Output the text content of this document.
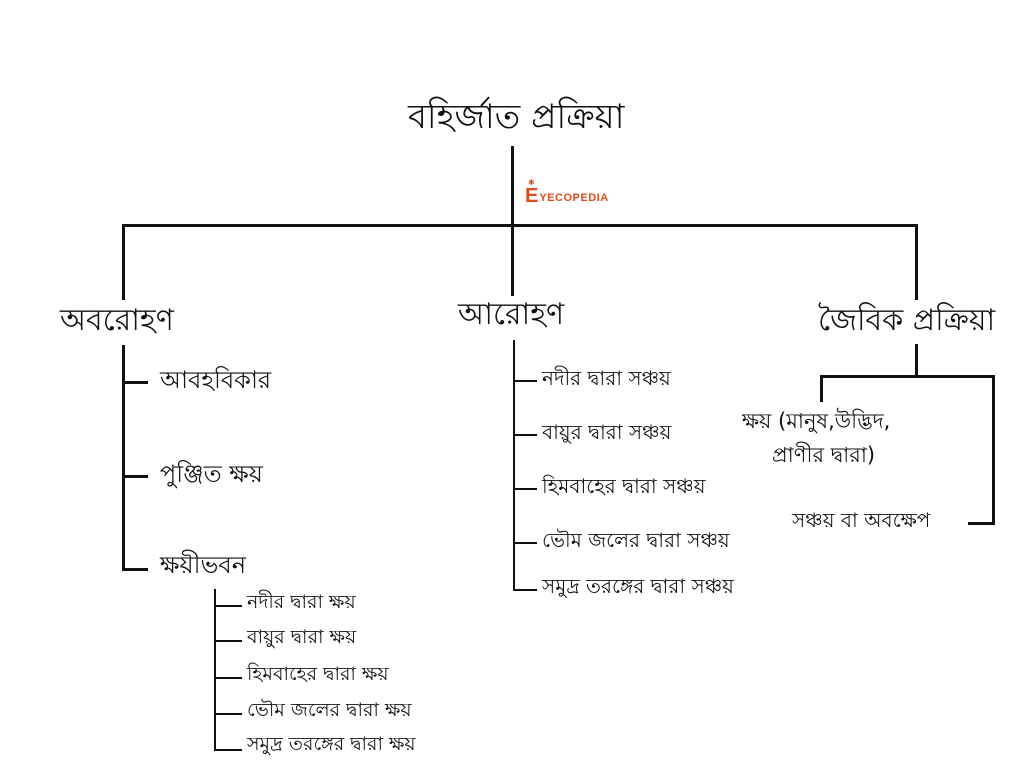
বহির্জাত প্রক্রিয়া
✱
E YECOPEDIA
অবরোহণ
আবহবিকার
পুঞ্জিত ক্ষয়
ক্ষয়ীভবন
নদীর দ্বারা ক্ষয়
বায়ুর দ্বারা ক্ষয়
হিমবাহের দ্বারা ক্ষয়
ভৌম জলের দ্বারা ক্ষয়
সমুদ্র তরঙ্গের দ্বারা ক্ষয়
আরোহণ
নদীর দ্বারা সঞ্চয়
বায়ুর দ্বারা সঞ্চয়
হিমবাহের দ্বারা সঞ্চয়
ভৌম জলের দ্বারা সঞ্চয়
সমুদ্র তরঙ্গের দ্বারা সঞ্চয়
জৈবিক প্রক্রিয়া
ক্ষয় (মানুষ,উদ্ভিদ,
প্রাণীর দ্বারা)
সঞ্চয় বা অবক্ষেপ
